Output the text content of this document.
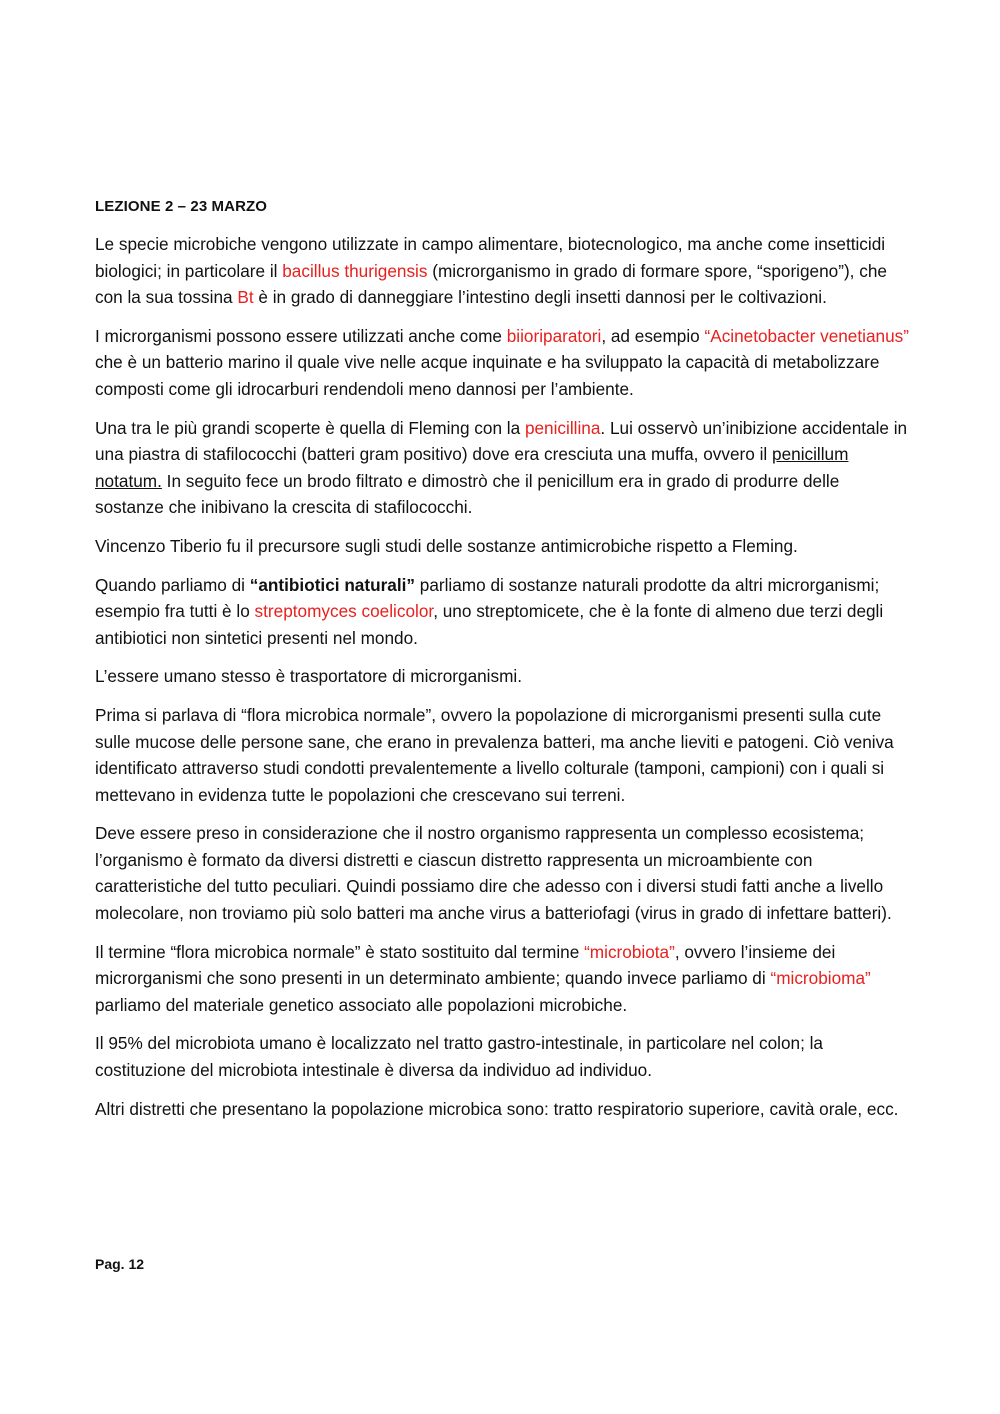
LEZIONE 2 – 23 MARZO

Le specie microbiche vengono utilizzate in campo alimentare, biotecnologico, ma anche come insetticidi biologici; in particolare il bacillus thurigensis (microrganismo in grado di formare spore, “sporigeno”), che con la sua tossina Bt è in grado di danneggiare l’intestino degli insetti dannosi per le coltivazioni.

I microrganismi possono essere utilizzati anche come biioriparatori, ad esempio “Acinetobacter venetianus” che è un batterio marino il quale vive nelle acque inquinate e ha sviluppato la capacità di metabolizzare composti come gli idrocarburi rendendoli meno dannosi per l’ambiente.

Una tra le più grandi scoperte è quella di Fleming con la penicillina. Lui osservò un’inibizione accidentale in una piastra di stafilococchi (batteri gram positivo) dove era cresciuta una muffa, ovvero il penicillum notatum. In seguito fece un brodo filtrato e dimostrò che il penicillum era in grado di produrre delle sostanze che inibivano la crescita di stafilococchi.

Vincenzo Tiberio fu il precursore sugli studi delle sostanze antimicrobiche rispetto a Fleming.

Quando parliamo di “antibiotici naturali” parliamo di sostanze naturali prodotte da altri microrganismi; esempio fra tutti è lo streptomyces coelicolor, uno streptomicete, che è la fonte di almeno due terzi degli antibiotici non sintetici presenti nel mondo.

L’essere umano stesso è trasportatore di microrganismi.

Prima si parlava di “flora microbica normale”, ovvero la popolazione di microrganismi presenti sulla cute sulle mucose delle persone sane, che erano in prevalenza batteri, ma anche lieviti e patogeni. Ciò veniva identificato attraverso studi condotti prevalentemente a livello colturale (tamponi, campioni) con i quali si mettevano in evidenza tutte le popolazioni che crescevano sui terreni.

Deve essere preso in considerazione che il nostro organismo rappresenta un complesso ecosistema; l’organismo è formato da diversi distretti e ciascun distretto rappresenta un microambiente con caratteristiche del tutto peculiari. Quindi possiamo dire che adesso con i diversi studi fatti anche a livello molecolare, non troviamo più solo batteri ma anche virus a batteriofagi (virus in grado di infettare batteri).

Il termine “flora microbica normale” è stato sostituito dal termine “microbiota”, ovvero l’insieme dei microrganismi che sono presenti in un determinato ambiente; quando invece parliamo di “microbioma” parliamo del materiale genetico associato alle popolazioni microbiche.

Il 95% del microbiota umano è localizzato nel tratto gastro-intestinale, in particolare nel colon; la costituzione del microbiota intestinale è diversa da individuo ad individuo.

Altri distretti che presentano la popolazione microbica sono: tratto respiratorio superiore, cavità orale, ecc.

Pag. 12
